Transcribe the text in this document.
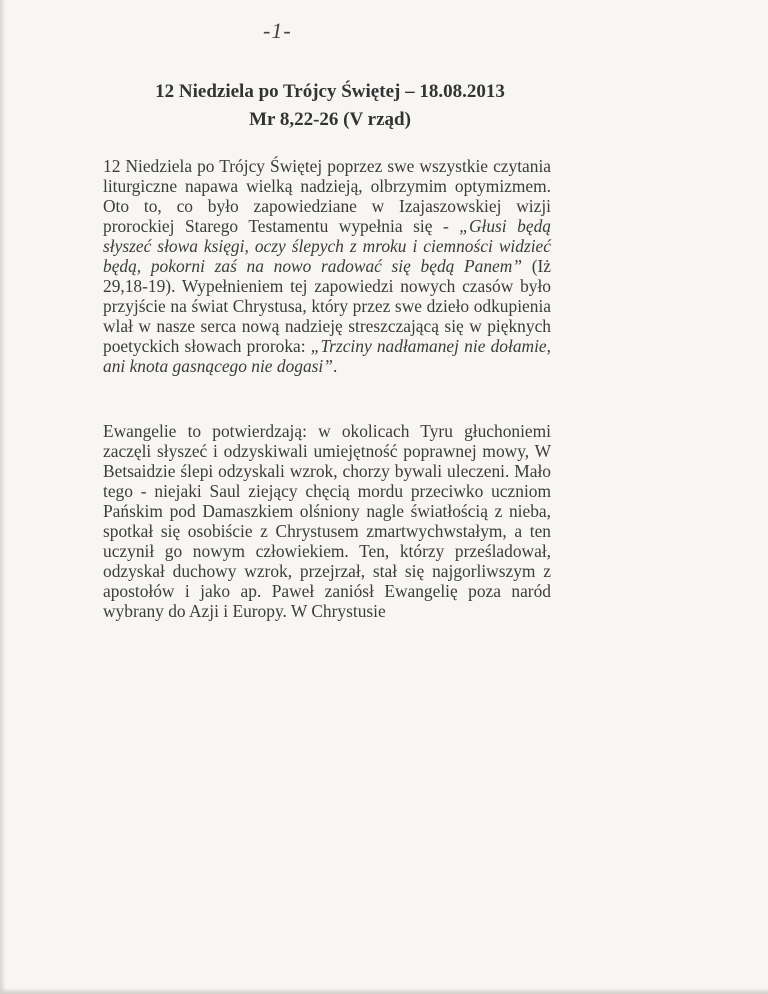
-1-
12 Niedziela po Trójcy Świętej – 18.08.2013
Mr 8,22-26 (V rząd)
12 Niedziela po Trójcy Świętej poprzez swe wszystkie czytania liturgiczne napawa wielką nadzieją, olbrzymim optymizmem. Oto to, co było zapowiedziane w Izajaszowskiej wizji prorockiej Starego Testamentu wypełnia się - „Głusi będą słyszeć słowa księgi, oczy ślepych z mroku i ciemności widzieć będą, pokorni zaś na nowo radować się będą Panem” (Iż 29,18-19). Wypełnieniem tej zapowiedzi nowych czasów było przyjście na świat Chrystusa, który przez swe dzieło odkupienia wlał w nasze serca nową nadzieję streszczającą się w pięknych poetyckich słowach proroka: „Trzciny nadłamanej nie dołamie, ani knota gasnącego nie dogasi”.
Ewangelie to potwierdzają: w okolicach Tyru głuchoniemi zaczęli słyszeć i odzyskiwali umiejętność poprawnej mowy, W Betsaidzie ślepi odzyskali wzrok, chorzy bywali uleczeni. Mało tego - niejaki Saul ziejący chęcią mordu przeciwko uczniom Pańskim pod Damaszkiem olśniony nagle światłością z nieba, spotkał się osobiście z Chrystusem zmartwychwstałym, a ten uczynił go nowym człowiekiem. Ten, którzy prześladował, odzyskał duchowy wzrok, przejrzał, stał się najgorliwszym z apostołów i jako ap. Paweł zaniósł Ewangelię poza naród wybrany do Azji i Europy. W Chrystusie
